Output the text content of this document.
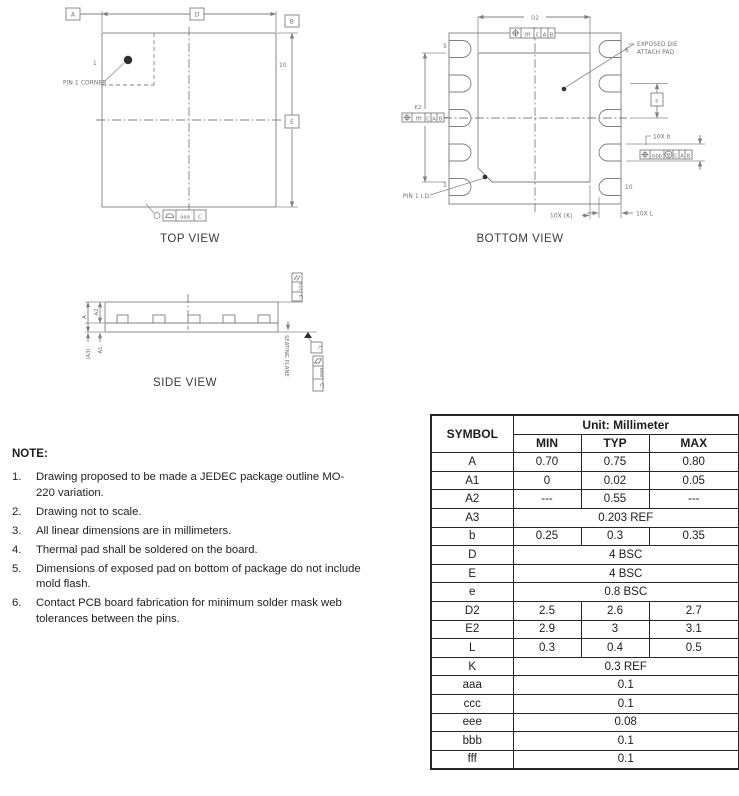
PIN 1 CORNER
D
A
E
B
1	10
aaa C
TOP VIEW
D2
fff C A B
E2
fff C A B
EXPOSED DIE
ATTACH PAD
e
10X b
bbb M C A B
5
6
1	10
PIN 1 I.D.
10X (K)	10X L
BOTTOM VIEW
A
A2
A1
(A3)
ccc
C
SEATING PLANE	C
eee
C
SIDE VIEW
NOTE:
1.	Drawing proposed to be made a JEDEC package outline MO-
220 variation.
2.	Drawing not to scale.
3.	All linear dimensions are in millimeters.
4.	Thermal pad shall be soldered on the board.
5.	Dimensions of exposed pad on bottom of package do not include
mold flash.
6.	Contact PCB board fabrication for minimum solder mask web
tolerances between the pins.
SYMBOL	Unit: Millimeter		
	MIN	TYP	MAX
A	0.70	0.75	0.80
A1	0	0.02	0.05
A2	---	0.55	---
A3	0.203 REF		
b	0.25	0.3	0.35
D	4 BSC		
E	4 BSC		
e	0.8 BSC		
D2	2.5	2.6	2.7
E2	2.9	3	3.1
L	0.3	0.4	0.5
K	0.3 REF		
aaa	0.1		
ccc	0.1		
eee	0.08		
bbb	0.1		
fff	0.1		
